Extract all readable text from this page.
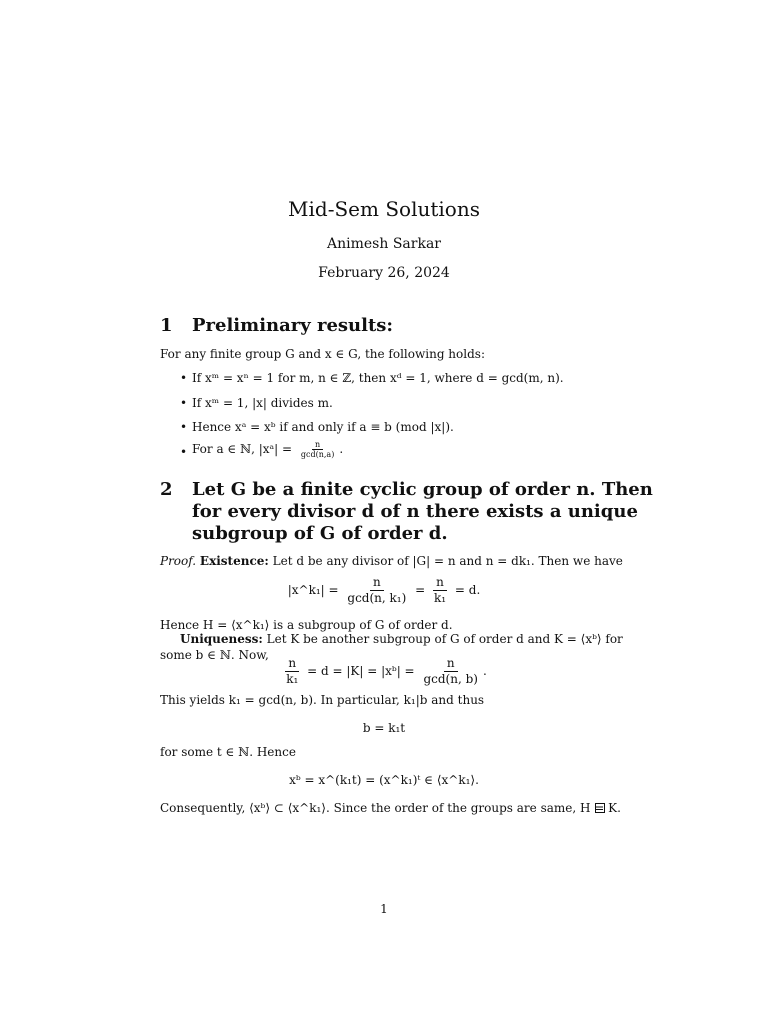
Mid-Sem Solutions
Animesh Sarkar
February 26, 2024
1 Preliminary results:
For any finite group G and x ∈ G, the following holds:
• If xᵐ = xⁿ = 1 for m, n ∈ ℤ, then xᵈ = 1, where d = gcd(m, n).
• If xᵐ = 1, |x| divides m.
• Hence xᵃ = xᵇ if and only if a ≡ b (mod |x|).
• For a ∈ ℕ, |xᵃ| = $\frac{n}{\gcd(n,a)}$ .
2 Let G be a finite cyclic group of order n. Then
for every divisor d of n there exists a unique
subgroup of G of order d.
Proof. Existence: Let d be any divisor of |G| = n and n = dk₁. Then we have
|x^k₁| = $\frac{n}{\text{gcd(n, k₁)}} = \frac{n}{\text{k₁}} = d$.
Hence H = ⟨x^k₁⟩ is a subgroup of G of order d.
Uniqueness: Let K be another subgroup of G of order d and K = ⟨xᵇ⟩ for
some b ∈ ℕ. Now,
$\frac{n}{\text{k₁}} = d = |K|$ = |xᵇ| = $\frac{n}{\gcd(n, b)}$ .
This yields k₁ = gcd(n, b). In particular, k₁|b and thus
b = k₁t
for some t ∈ ℕ. Hence
xᵇ = x^(k₁t) = (x^k₁)ᵗ ∈ ⟨x^k₁⟩.
Consequently, ⟨xᵇ⟩ ⊂ ⟨x^k₁⟩. Since the order of the groups are same, H = K.
1
